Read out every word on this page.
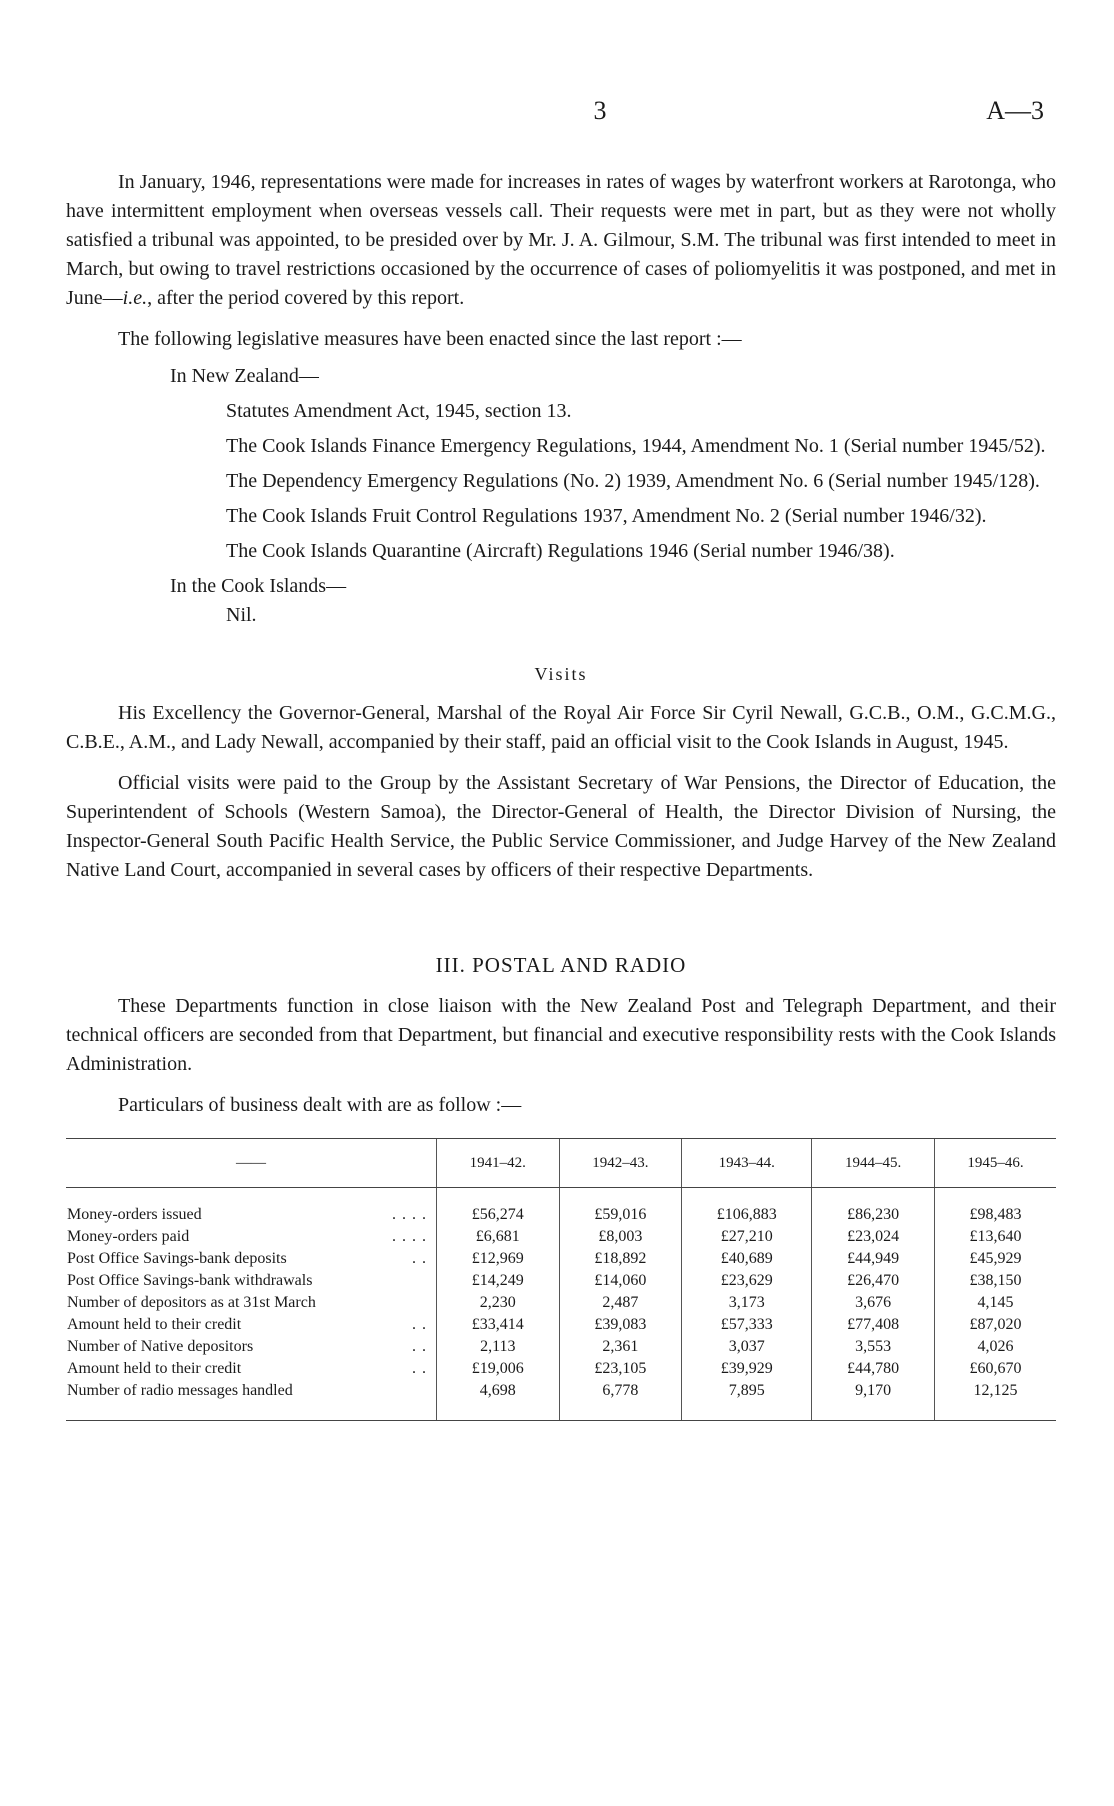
3	A—3

In January, 1946, representations were made for increases in rates of wages by waterfront workers at Rarotonga, who have intermittent employment when overseas vessels call. Their requests were met in part, but as they were not wholly satisfied a tribunal was appointed, to be presided over by Mr. J. A. Gilmour, S.M. The tribunal was first intended to meet in March, but owing to travel restrictions occasioned by the occurrence of cases of poliomyelitis it was postponed, and met in June—i.e., after the period covered by this report.

The following legislative measures have been enacted since the last report :—

In New Zealand—
Statutes Amendment Act, 1945, section 13.
The Cook Islands Finance Emergency Regulations, 1944, Amendment No. 1 (Serial number 1945/52).
The Dependency Emergency Regulations (No. 2) 1939, Amendment No. 6 (Serial number 1945/128).
The Cook Islands Fruit Control Regulations 1937, Amendment No. 2 (Serial number 1946/32).
The Cook Islands Quarantine (Aircraft) Regulations 1946 (Serial number 1946/38).
In the Cook Islands—
Nil.

Visits

His Excellency the Governor-General, Marshal of the Royal Air Force Sir Cyril Newall, G.C.B., O.M., G.C.M.G., C.B.E., A.M., and Lady Newall, accompanied by their staff, paid an official visit to the Cook Islands in August, 1945.

Official visits were paid to the Group by the Assistant Secretary of War Pensions, the Director of Education, the Superintendent of Schools (Western Samoa), the Director-General of Health, the Director Division of Nursing, the Inspector-General South Pacific Health Service, the Public Service Commissioner, and Judge Harvey of the New Zealand Native Land Court, accompanied in several cases by officers of their respective Departments.

III. POSTAL AND RADIO

These Departments function in close liaison with the New Zealand Post and Telegraph Department, and their technical officers are seconded from that Department, but financial and executive responsibility rests with the Cook Islands Administration.

Particulars of business dealt with are as follow :—

——	1941–42.	1942–43.	1943–44.	1944–45.	1945–46.

Money-orders issued . . . .	£56,274	£59,016	£106,883	£86,230	£98,483
Money-orders paid . . . .	£6,681	£8,003	£27,210	£23,024	£13,640
Post Office Savings-bank deposits . .	£12,969	£18,892	£40,689	£44,949	£45,929
Post Office Savings-bank withdrawals	£14,249	£14,060	£23,629	£26,470	£38,150
Number of depositors as at 31st March	2,230	2,487	3,173	3,676	4,145
Amount held to their credit . .	£33,414	£39,083	£57,333	£77,408	£87,020
Number of Native depositors . .	2,113	2,361	3,037	3,553	4,026
Amount held to their credit . .	£19,006	£23,105	£39,929	£44,780	£60,670
Number of radio messages handled	4,698	6,778	7,895	9,170	12,125
